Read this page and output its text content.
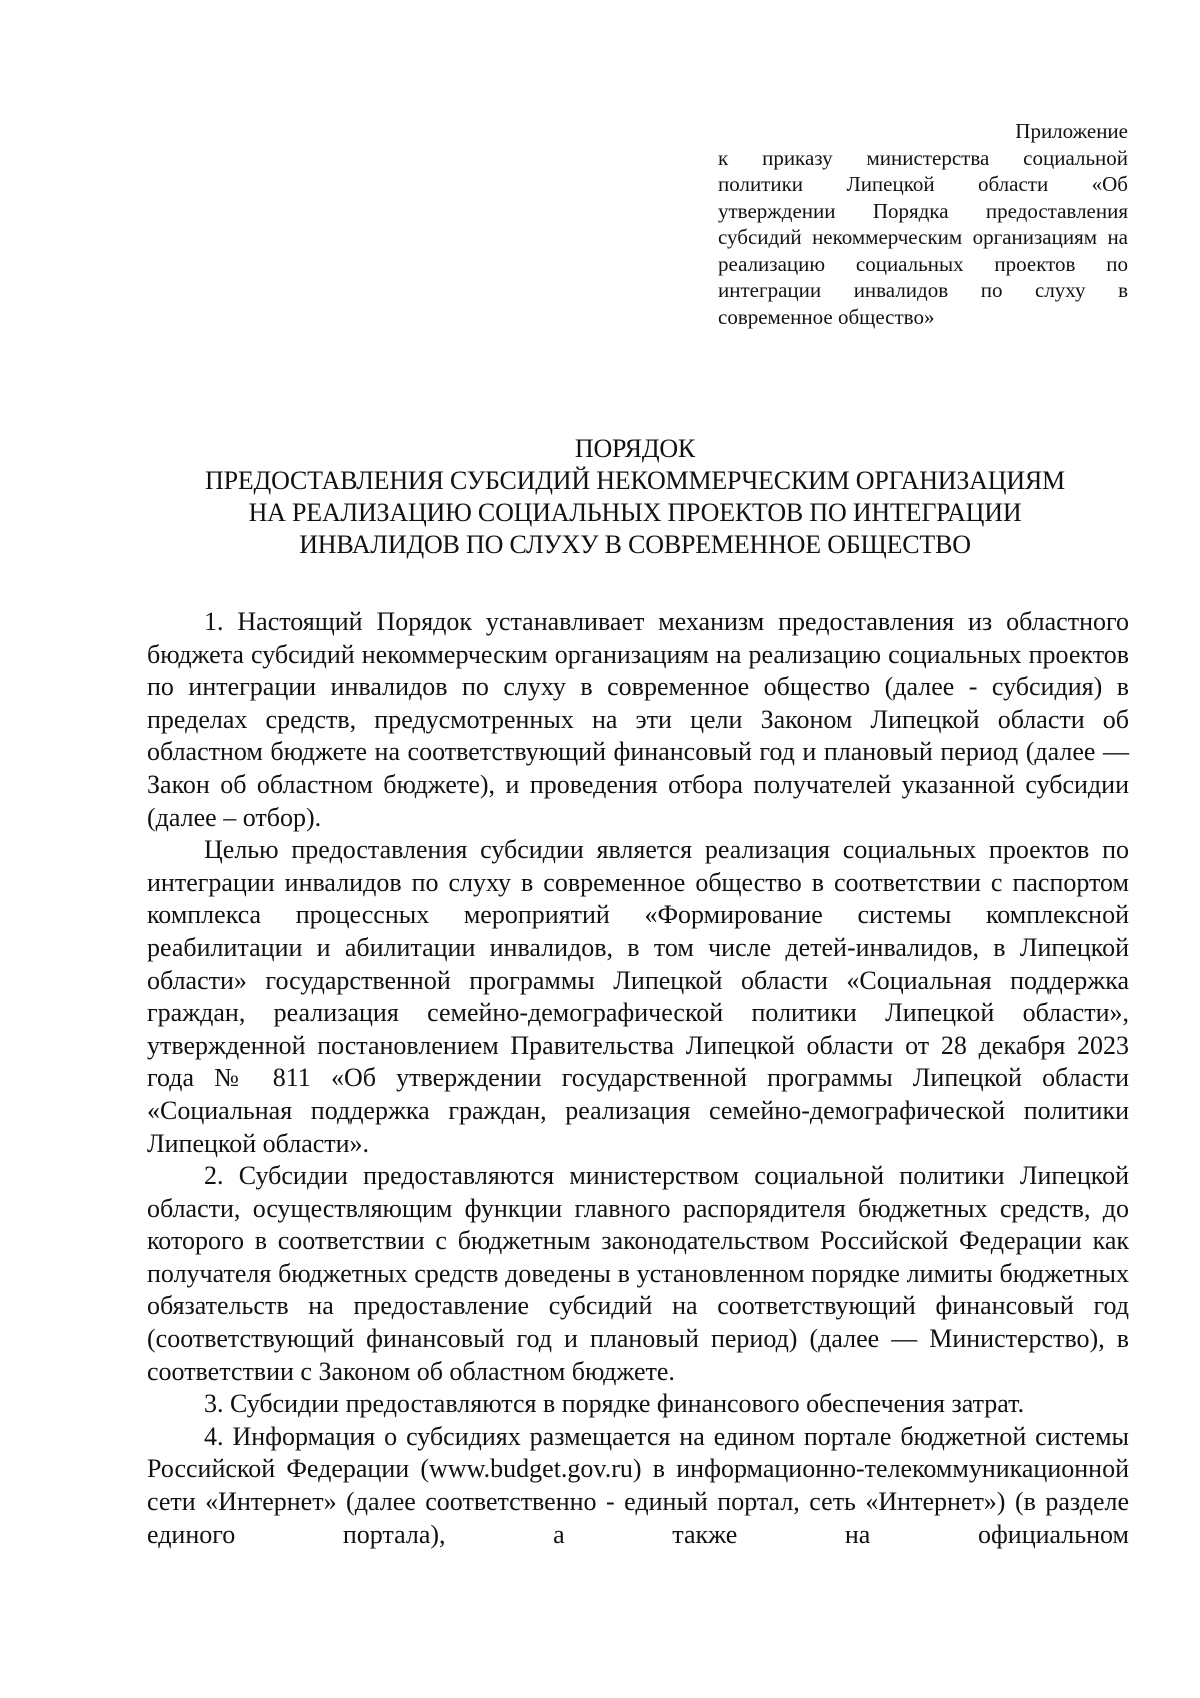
Приложение
к приказу министерства социальной политики Липецкой области «Об утверждении Порядка предоставления субсидий некоммерческим организациям на реализацию социальных проектов по интеграции инвалидов по слуху в современное общество»
ПОРЯДОК
ПРЕДОСТАВЛЕНИЯ СУБСИДИЙ НЕКОММЕРЧЕСКИМ ОРГАНИЗАЦИЯМ
НА РЕАЛИЗАЦИЮ СОЦИАЛЬНЫХ ПРОЕКТОВ ПО ИНТЕГРАЦИИ
ИНВАЛИДОВ ПО СЛУХУ В СОВРЕМЕННОЕ ОБЩЕСТВО

1. Настоящий Порядок устанавливает механизм предоставления из областного бюджета субсидий некоммерческим организациям на реализацию социальных проектов по интеграции инвалидов по слуху в современное общество (далее - субсидия) в пределах средств, предусмотренных на эти цели Законом Липецкой области об областном бюджете на соответствующий финансовый год и плановый период (далее — Закон об областном бюджете), и проведения отбора получателей указанной субсидии (далее – отбор).

Целью предоставления субсидии является реализация социальных проектов по интеграции инвалидов по слуху в современное общество в соответствии с паспортом комплекса процессных мероприятий «Формирование системы комплексной реабилитации и абилитации инвалидов, в том числе детей-инвалидов, в Липецкой области» государственной программы Липецкой области «Социальная поддержка граждан, реализация семейно-демографической политики Липецкой области», утвержденной постановлением Правительства Липецкой области от 28 декабря 2023 года № 811 «Об утверждении государственной программы Липецкой области «Социальная поддержка граждан, реализация семейно-демографической политики Липецкой области».

2. Субсидии предоставляются министерством социальной политики Липецкой области, осуществляющим функции главного распорядителя бюджетных средств, до которого в соответствии с бюджетным законодательством Российской Федерации как получателя бюджетных средств доведены в установленном порядке лимиты бюджетных обязательств на предоставление субсидий на соответствующий финансовый год (соответствующий финансовый год и плановый период) (далее — Министерство), в соответствии с Законом об областном бюджете.

3. Субсидии предоставляются в порядке финансового обеспечения затрат.

4. Информация о субсидиях размещается на едином портале бюджетной системы Российской Федерации (www.budget.gov.ru) в информационно-телекоммуникационной сети «Интернет» (далее соответственно - единый портал, сеть «Интернет») (в разделе единого портала), а также на официальном
